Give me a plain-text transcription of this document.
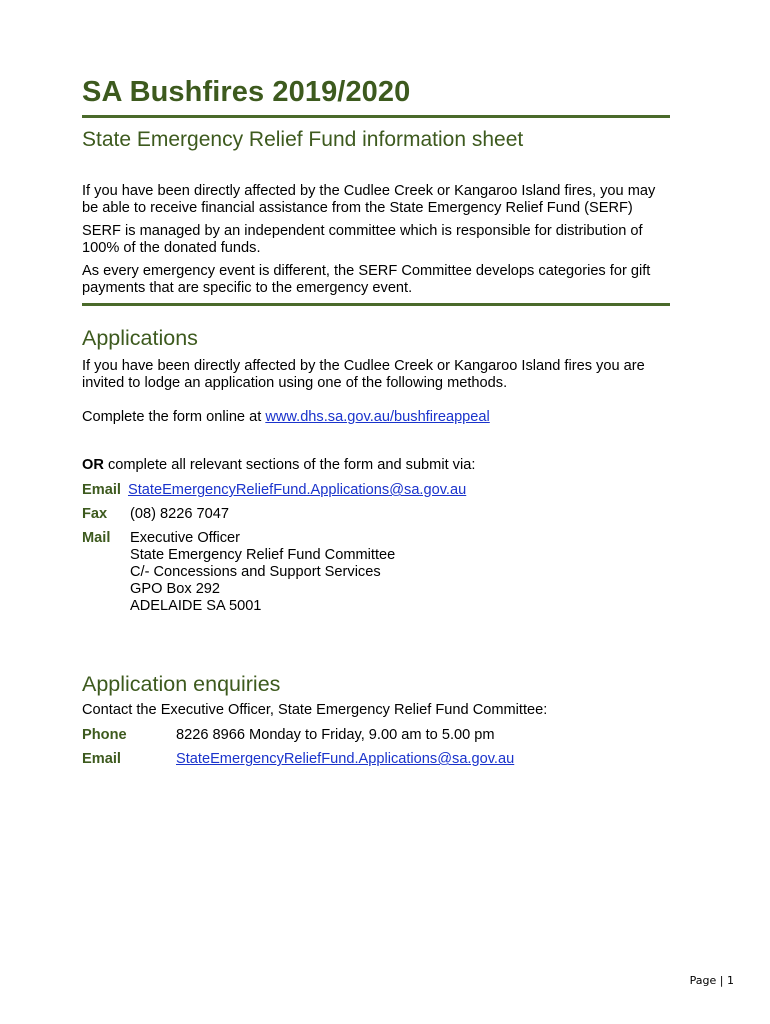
SA Bushfires 2019/2020
State Emergency Relief Fund information sheet

If you have been directly affected by the Cudlee Creek or Kangaroo Island fires, you may be able to receive financial assistance from the State Emergency Relief Fund (SERF)

SERF is managed by an independent committee which is responsible for distribution of 100% of the donated funds.

As every emergency event is different, the SERF Committee develops categories for gift payments that are specific to the emergency event.

Applications

If you have been directly affected by the Cudlee Creek or Kangaroo Island fires you are invited to lodge an application using one of the following methods.

Complete the form online at www.dhs.sa.gov.au/bushfireappeal

OR complete all relevant sections of the form and submit via:

Email StateEmergencyReliefFund.Applications@sa.gov.au
Fax	(08) 8226 7047
Mail	Executive Officer
State Emergency Relief Fund Committee
C/- Concessions and Support Services
GPO Box 292
ADELAIDE SA 5001
Application enquiries

Contact the Executive Officer, State Emergency Relief Fund Committee:

Phone	8226 8966 Monday to Friday, 9.00 am to 5.00 pm
Email	StateEmergencyReliefFund.Applications@sa.gov.au
Page | 1
